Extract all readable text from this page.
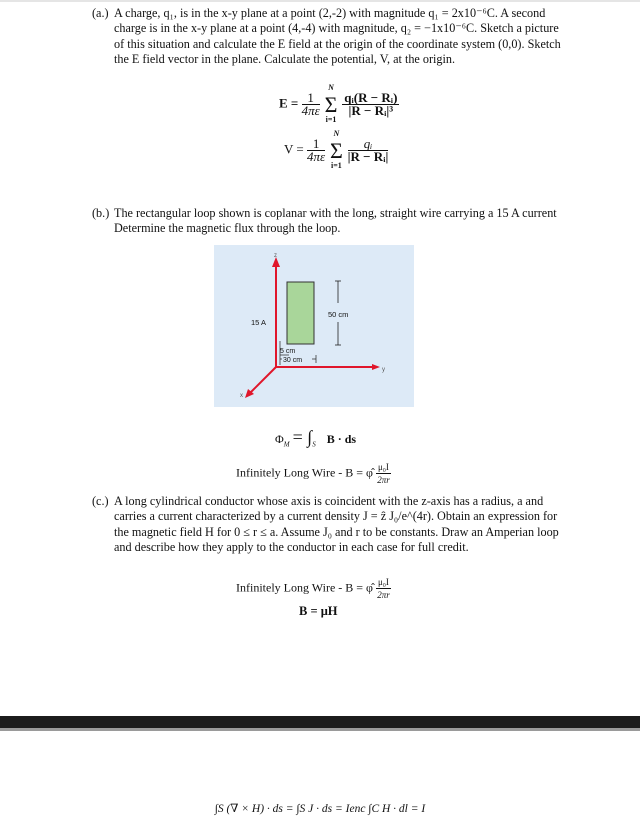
(a.) A charge, q₁, is in the x-y plane at a point (2,-2) with magnitude q₁ = 2x10⁻⁶C. A second charge is in the x-y plane at a point (4,-4) with magnitude, q₂ = −1x10⁻⁶C. Sketch a picture of this situation and calculate the E field at the origin of the coordinate system (0,0). Sketch the E field vector in the plane. Calculate the potential, V, at the origin.
$E = \frac{1}{4\pi\varepsilon}$

N
Σ
i=1

$\frac{\text{qᵢ(R − Rᵢ)}}{\text{|R − Rᵢ|³}}$
$V = \frac{1}{4\pi\varepsilon}$

N
Σ
i=1

$\frac{\text{qᵢ}}{\text{|R − Rᵢ|}}$
(b.) The rectangular loop shown is coplanar with the long, straight wire carrying a 15 A current Determine the magnetic flux through the loop.
z
y
x
50 cm
15 A
5 cm
30 cm
$\Phi_M = \int_S$ B · ds
Infinitely Long Wire - B = φ̂ $\frac{\text{μ₀I}}{2\pi r}$
(c.) A long cylindrical conductor whose axis is coincident with the z-axis has a radius, a and carries a current characterized by a current density J = ẑ J₀/e^(4r). Obtain an expression for the magnetic field H for 0 ≤ r ≤ a. Assume J₀ and r to be constants. Draw an Amperian loop and describe how they apply to the conductor in each case for full credit.
Infinitely Long Wire - B = φ̂ $\frac{\text{μ₀I}}{2\pi r}$
B = μH
∫S (∇ × H) · ds = ∫S J · ds = Ienc ∫C H · dl = I
